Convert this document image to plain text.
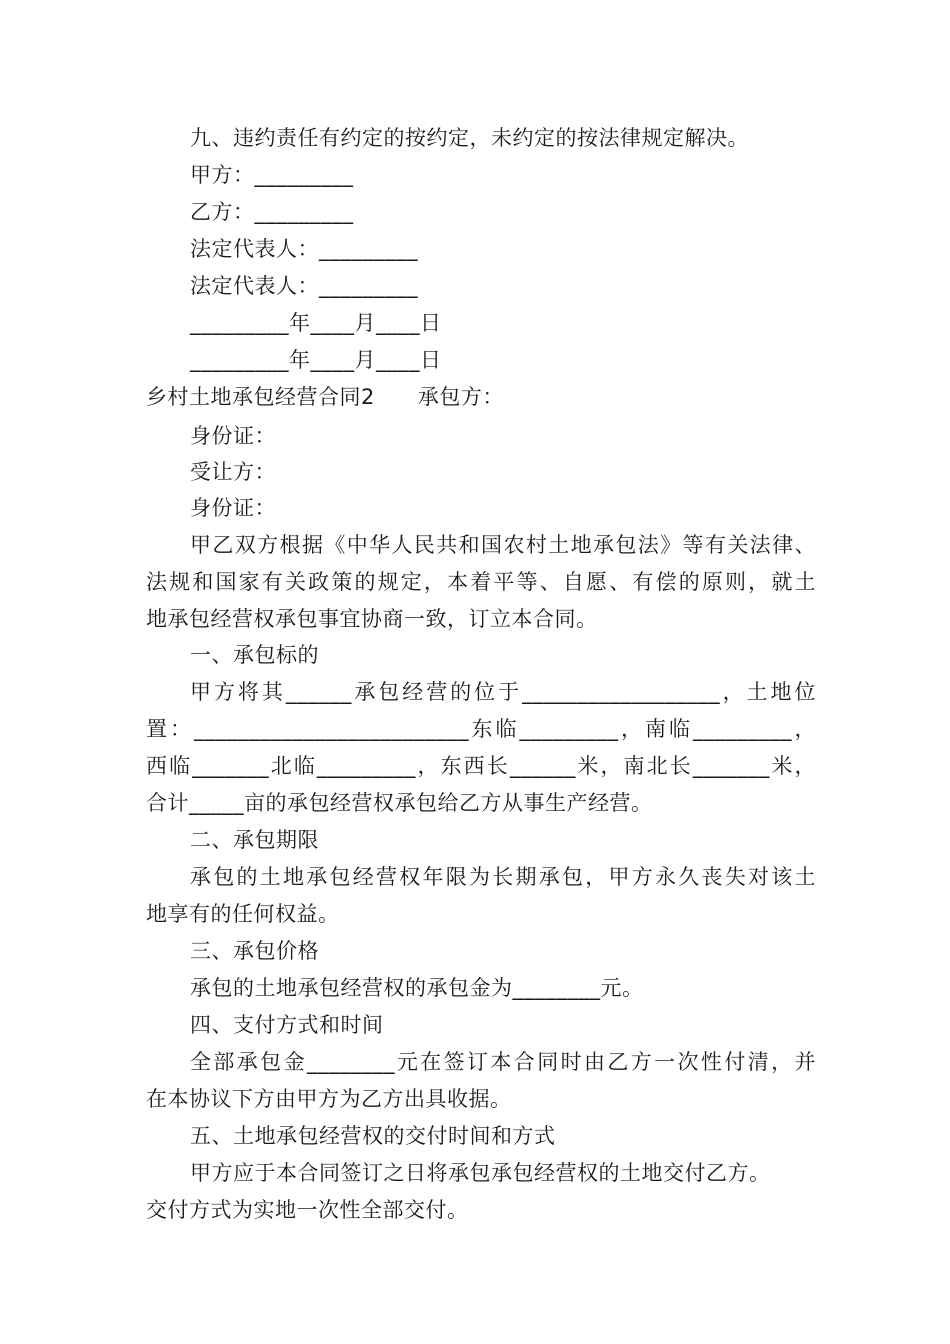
九、违约责任有约定的按约定，未约定的按法律规定解决。
甲方：_________
乙方：_________
法定代表人：_________
法定代表人：_________
_________年____月____日
_________年____月____日
乡村土地承包经营合同2　　承包方：
身份证：
受让方：
身份证：
甲乙双方根据《中华人民共和国农村土地承包法》等有关法律、
法规和国家有关政策的规定，本着平等、自愿、有偿的原则，就土
地承包经营权承包事宜协商一致，订立本合同。
一、承包标的
甲方将其______承包经营的位于__________________，土地位
置：_________________________东临_________，南临_________，
西临_______北临_________，东西长______米，南北长_______米，
合计_____亩的承包经营权承包给乙方从事生产经营。
二、承包期限
承包的土地承包经营权年限为长期承包，甲方永久丧失对该土
地享有的任何权益。
三、承包价格
承包的土地承包经营权的承包金为________元。
四、支付方式和时间
全部承包金________元在签订本合同时由乙方一次性付清，并
在本协议下方由甲方为乙方出具收据。
五、土地承包经营权的交付时间和方式
甲方应于本合同签订之日将承包承包经营权的土地交付乙方。
交付方式为实地一次性全部交付。
